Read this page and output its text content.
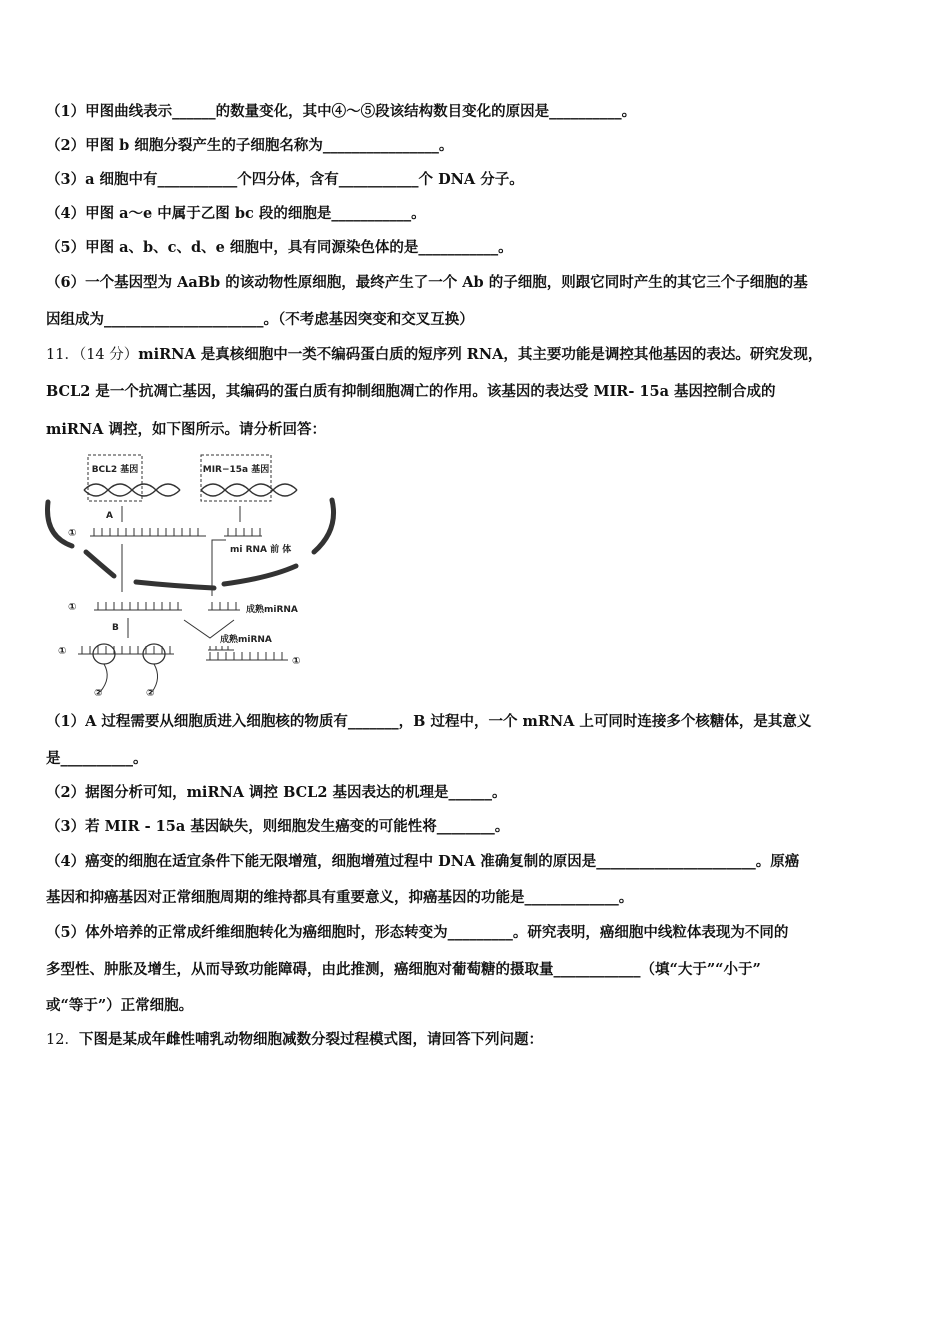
（1）甲图曲线表示______的数量变化，其中④～⑤段该结构数目变化的原因是__________。
（2）甲图 b 细胞分裂产生的子细胞名称为________________。
（3）a 细胞中有___________个四分体，含有___________个 DNA 分子。
（4）甲图 a～e 中属于乙图 bc 段的细胞是___________。
（5）甲图 a、b、c、d、e 细胞中，具有同源染色体的是___________。
（6）一个基因型为 AaBb 的该动物性原细胞，最终产生了一个 Ab 的子细胞，则跟它同时产生的其它三个子细胞的基
因组成为______________________。（不考虑基因突变和交叉互换）
11．（14 分）miRNA 是真核细胞中一类不编码蛋白质的短序列 RNA，其主要功能是调控其他基因的表达。研究发现，
BCL2 是一个抗凋亡基因，其编码的蛋白质有抑制细胞凋亡的作用。该基因的表达受 MIR- 15a 基因控制合成的
miRNA 调控，如下图所示。请分析回答：
BCL2 基因	MIR−15a 基因
A
①
mi RNA 前 体
①	成熟miRNA
B
成熟miRNA
①
②	②
①
（1）A 过程需要从细胞质进入细胞核的物质有_______，B 过程中，一个 mRNA 上可同时连接多个核糖体，是其意义
是__________。
（2）据图分析可知，miRNA 调控 BCL2 基因表达的机理是______。
（3）若 MIR - 15a 基因缺失，则细胞发生癌变的可能性将________。
（4）癌变的细胞在适宜条件下能无限增殖，细胞增殖过程中 DNA 准确复制的原因是______________________。原癌
基因和抑癌基因对正常细胞周期的维持都具有重要意义，抑癌基因的功能是_____________。
（5）体外培养的正常成纤维细胞转化为癌细胞时，形态转变为_________。研究表明，癌细胞中线粒体表现为不同的
多型性、肿胀及增生，从而导致功能障碍，由此推测，癌细胞对葡萄糖的摄取量____________（填“大于”“小于”
或“等于”）正常细胞。
12．下图是某成年雌性哺乳动物细胞减数分裂过程模式图，请回答下列问题：
